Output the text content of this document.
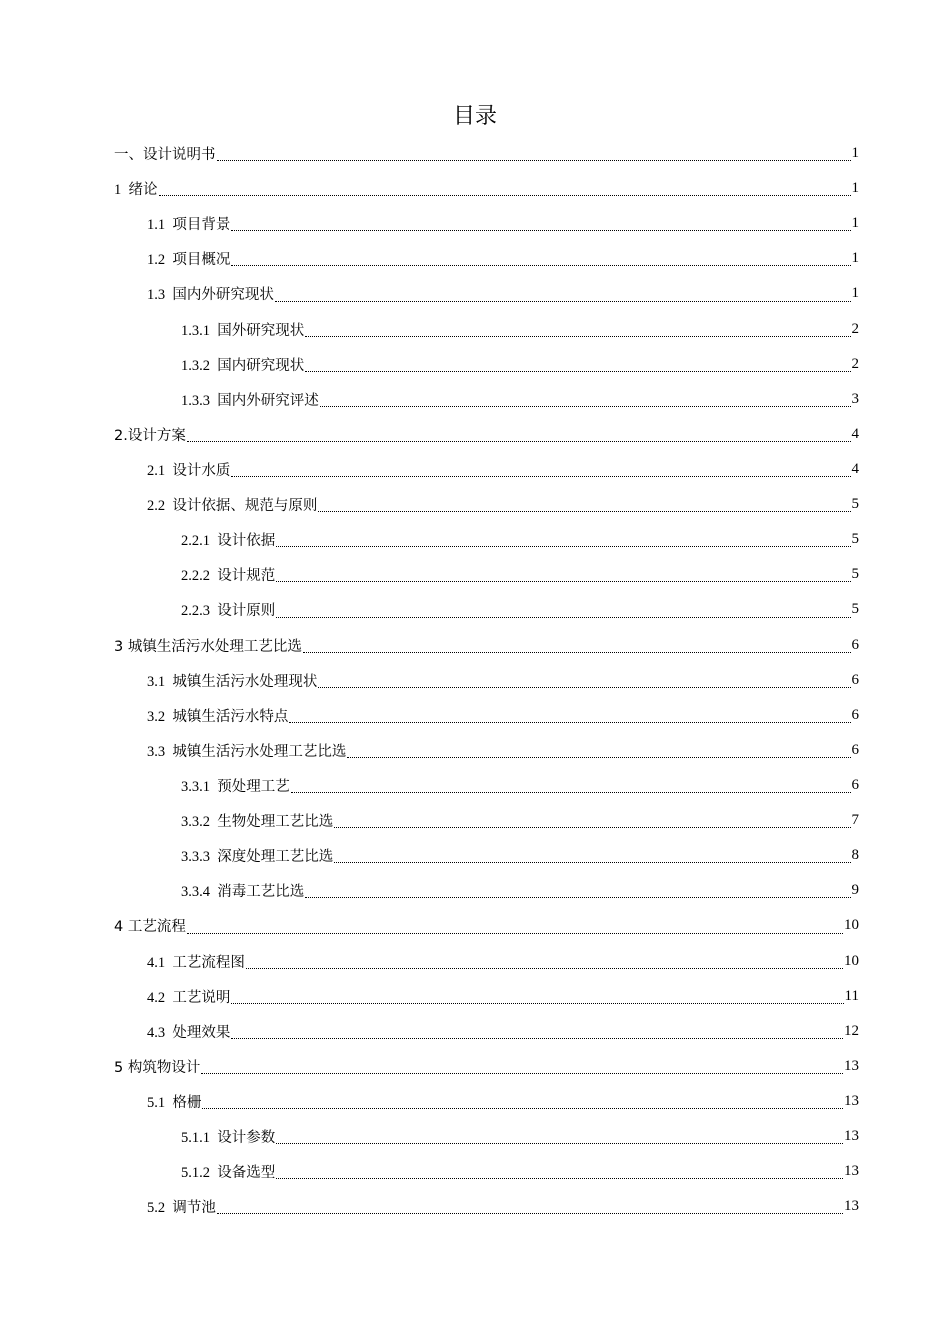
目录
一、设计说明书	1
1  绪论	1
1.1  项目背景	1
1.2  项目概况	1
1.3  国内外研究现状	1
1.3.1  国外研究现状	2
1.3.2  国内研究现状	2
1.3.3  国内外研究评述	3
2.设计方案	4
2.1  设计水质	4
2.2  设计依据、规范与原则	5
2.2.1  设计依据	5
2.2.2  设计规范	5
2.2.3  设计原则	5
3 城镇生活污水处理工艺比选	6
3.1  城镇生活污水处理现状	6
3.2  城镇生活污水特点	6
3.3  城镇生活污水处理工艺比选	6
3.3.1  预处理工艺	6
3.3.2  生物处理工艺比选	7
3.3.3  深度处理工艺比选	8
3.3.4  消毒工艺比选	9
4 工艺流程	10
4.1  工艺流程图	10
4.2  工艺说明	11
4.3  处理效果	12
5 构筑物设计	13
5.1  格栅	13
5.1.1  设计参数	13
5.1.2  设备选型	13
5.2  调节池	13
